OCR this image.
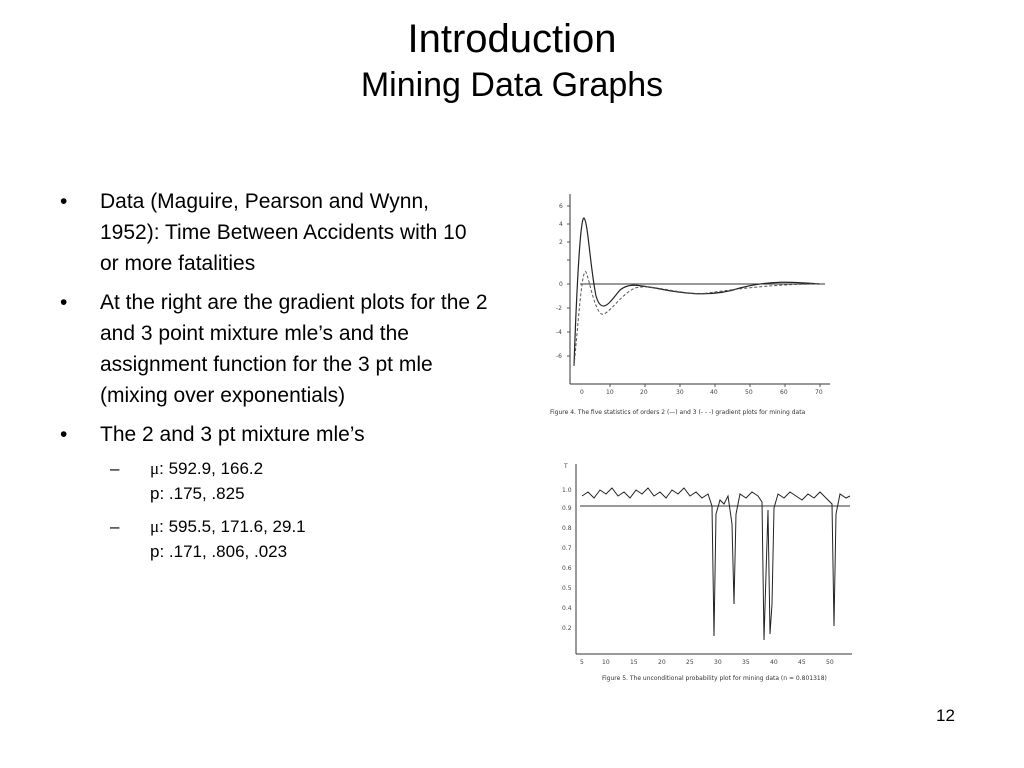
Introduction
Mining Data Graphs
• Data (Maguire, Pearson and Wynn, 1952): Time Between Accidents with 10 or more fatalities
• At the right are the gradient plots for the 2 and 3 point mixture mle’s and the assignment function for the 3 pt mle (mixing over exponentials)
• The 2 and 3 pt mixture mle’s
– μ: 592.9, 166.2
p: .175, .825
– μ: 595.5, 171.6, 29.1
p: .171, .806, .023
6
4
2
0
-2
-4
-6
0	10	20	30	40	50	60	70
Figure 4. The five statistics of orders 2 (—) and 3 (- - -) gradient plots for mining data
T
1.0
0.9
0.8
0.7
0.6
0.5
0.4
0.2
5	10	15	20	25	30	35	40	45	50
Figure 5. The unconditional probability plot for mining data (n = 0.801318)
12
